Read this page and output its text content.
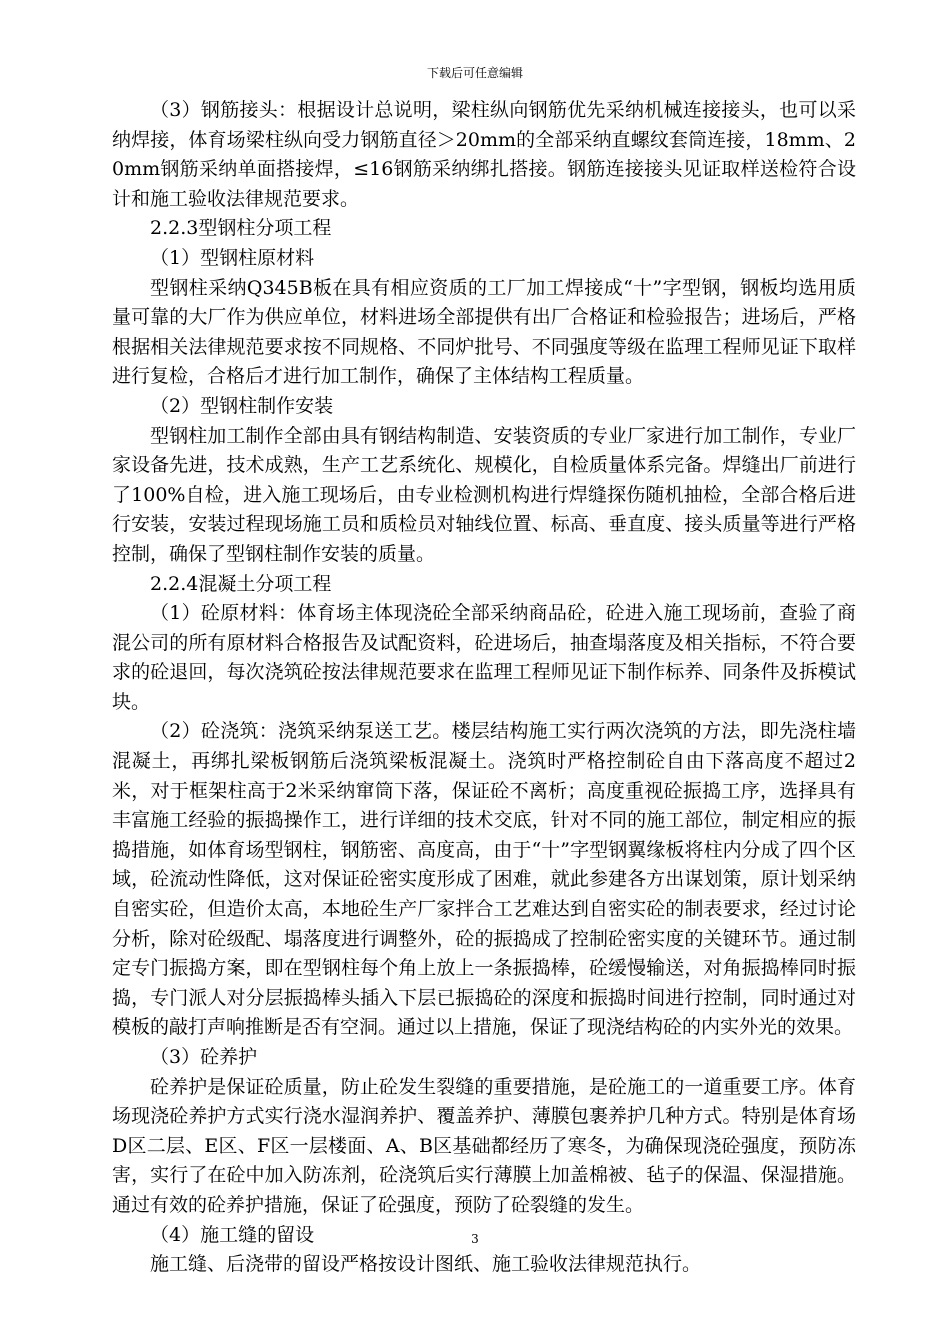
下载后可任意编辑

（3）钢筋接头：根据设计总说明，梁柱纵向钢筋优先采纳机械连接接头，也可以采纳焊接，体育场梁柱纵向受力钢筋直径＞20mm的全部采纳直螺纹套筒连接，18mm、20mm钢筋采纳单面搭接焊，≤16钢筋采纳绑扎搭接。钢筋连接接头见证取样送检符合设计和施工验收法律规范要求。

2.2.3型钢柱分项工程

（1）型钢柱原材料

型钢柱采纳Q345B板在具有相应资质的工厂加工焊接成“十”字型钢，钢板均选用质量可靠的大厂作为供应单位，材料进场全部提供有出厂合格证和检验报告；进场后，严格根据相关法律规范要求按不同规格、不同炉批号、不同强度等级在监理工程师见证下取样进行复检，合格后才进行加工制作，确保了主体结构工程质量。

（2）型钢柱制作安装

型钢柱加工制作全部由具有钢结构制造、安装资质的专业厂家进行加工制作，专业厂家设备先进，技术成熟，生产工艺系统化、规模化，自检质量体系完备。焊缝出厂前进行了100%自检，进入施工现场后，由专业检测机构进行焊缝探伤随机抽检，全部合格后进行安装，安装过程现场施工员和质检员对轴线位置、标高、垂直度、接头质量等进行严格控制，确保了型钢柱制作安装的质量。

2.2.4混凝土分项工程

（1）砼原材料：体育场主体现浇砼全部采纳商品砼，砼进入施工现场前，查验了商混公司的所有原材料合格报告及试配资料，砼进场后，抽查塌落度及相关指标，不符合要求的砼退回，每次浇筑砼按法律规范要求在监理工程师见证下制作标养、同条件及拆模试块。

（2）砼浇筑：浇筑采纳泵送工艺。楼层结构施工实行两次浇筑的方法，即先浇柱墙混凝土，再绑扎梁板钢筋后浇筑梁板混凝土。浇筑时严格控制砼自由下落高度不超过2米，对于框架柱高于2米采纳窜筒下落，保证砼不离析；高度重视砼振捣工序，选择具有丰富施工经验的振捣操作工，进行详细的技术交底，针对不同的施工部位，制定相应的振捣措施，如体育场型钢柱，钢筋密、高度高，由于“十”字型钢翼缘板将柱内分成了四个区域，砼流动性降低，这对保证砼密实度形成了困难，就此参建各方出谋划策，原计划采纳自密实砼，但造价太高，本地砼生产厂家拌合工艺难达到自密实砼的制表要求，经过讨论分析，除对砼级配、塌落度进行调整外，砼的振捣成了控制砼密实度的关键环节。通过制定专门振捣方案，即在型钢柱每个角上放上一条振捣棒，砼缓慢输送，对角振捣棒同时振捣，专门派人对分层振捣棒头插入下层已振捣砼的深度和振捣时间进行控制，同时通过对模板的敲打声响推断是否有空洞。通过以上措施，保证了现浇结构砼的内实外光的效果。

（3）砼养护

砼养护是保证砼质量，防止砼发生裂缝的重要措施，是砼施工的一道重要工序。体育场现浇砼养护方式实行浇水湿润养护、覆盖养护、薄膜包裹养护几种方式。特别是体育场D区二层、E区、F区一层楼面、A、B区基础都经历了寒冬，为确保现浇砼强度，预防冻害，实行了在砼中加入防冻剂，砼浇筑后实行薄膜上加盖棉被、毡子的保温、保湿措施。通过有效的砼养护措施，保证了砼强度，预防了砼裂缝的发生。

（4）施工缝的留设

施工缝、后浇带的留设严格按设计图纸、施工验收法律规范执行。

3
